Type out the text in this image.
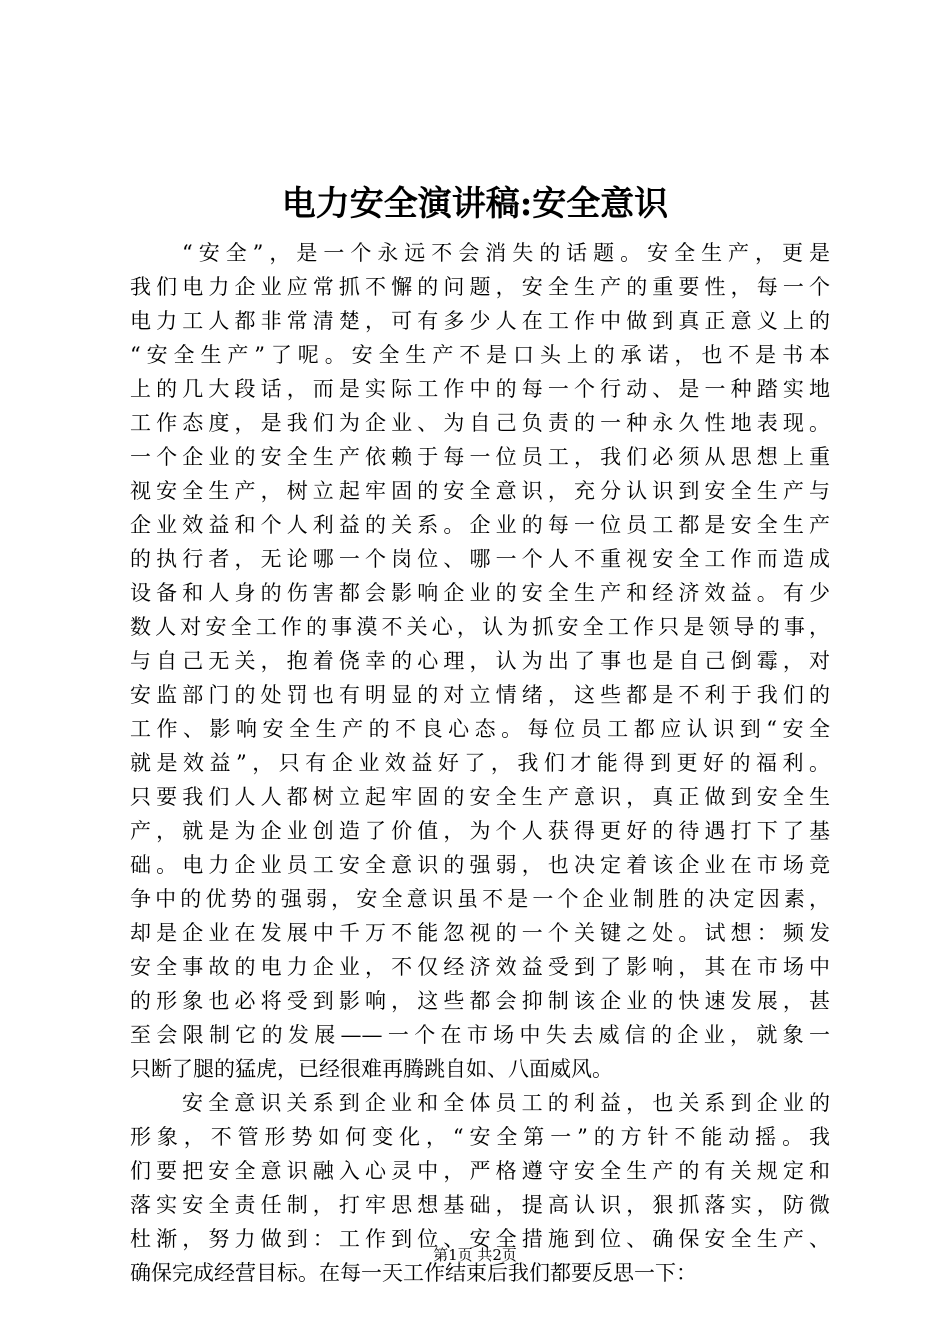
电力安全演讲稿:安全意识

“安全”，是一个永远不会消失的话题。安全生产，更是
我们电力企业应常抓不懈的问题，安全生产的重要性，每一个
电力工人都非常清楚，可有多少人在工作中做到真正意义上的
“安全生产”了呢。安全生产不是口头上的承诺，也不是书本
上的几大段话，而是实际工作中的每一个行动、是一种踏实地
工作态度，是我们为企业、为自己负责的一种永久性地表现。
一个企业的安全生产依赖于每一位员工，我们必须从思想上重
视安全生产，树立起牢固的安全意识，充分认识到安全生产与
企业效益和个人利益的关系。企业的每一位员工都是安全生产
的执行者，无论哪一个岗位、哪一个人不重视安全工作而造成
设备和人身的伤害都会影响企业的安全生产和经济效益。有少
数人对安全工作的事漠不关心，认为抓安全工作只是领导的事，
与自己无关，抱着侥幸的心理，认为出了事也是自己倒霉，对
安监部门的处罚也有明显的对立情绪，这些都是不利于我们的
工作、影响安全生产的不良心态。每位员工都应认识到“安全
就是效益”，只有企业效益好了，我们才能得到更好的福利。
只要我们人人都树立起牢固的安全生产意识，真正做到安全生
产，就是为企业创造了价值，为个人获得更好的待遇打下了基
础。电力企业员工安全意识的强弱，也决定着该企业在市场竞
争中的优势的强弱，安全意识虽不是一个企业制胜的决定因素，
却是企业在发展中千万不能忽视的一个关键之处。试想：频发
安全事故的电力企业，不仅经济效益受到了影响，其在市场中
的形象也必将受到影响，这些都会抑制该企业的快速发展，甚
至会限制它的发展——一个在市场中失去威信的企业，就象一
只断了腿的猛虎，已经很难再腾跳自如、八面威风。

安全意识关系到企业和全体员工的利益，也关系到企业的
形象，不管形势如何变化，“安全第一”的方针不能动摇。我
们要把安全意识融入心灵中，严格遵守安全生产的有关规定和
落实安全责任制，打牢思想基础，提高认识，狠抓落实，防微
杜渐，努力做到：工作到位、安全措施到位、确保安全生产、
确保完成经营目标。在每一天工作结束后我们都要反思一下：

第1页 共2页
